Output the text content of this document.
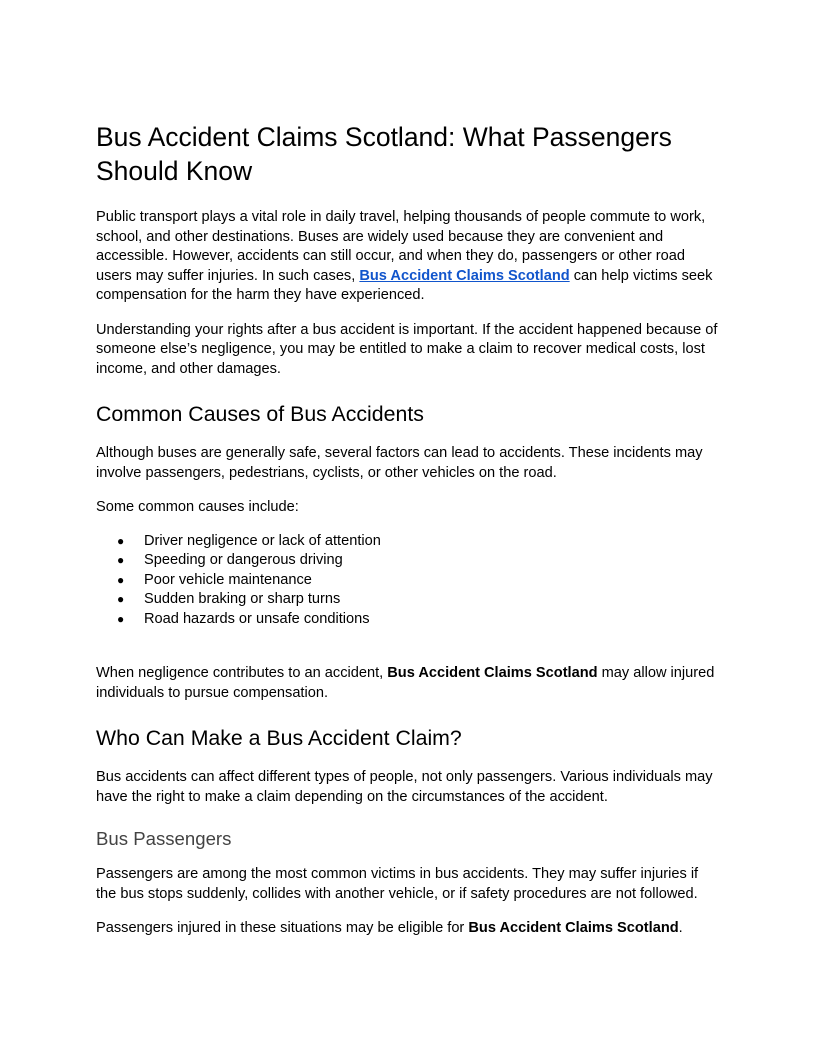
Bus Accident Claims Scotland: What Passengers Should Know

Public transport plays a vital role in daily travel, helping thousands of people commute to work, school, and other destinations. Buses are widely used because they are convenient and accessible. However, accidents can still occur, and when they do, passengers or other road users may suffer injuries. In such cases, Bus Accident Claims Scotland can help victims seek compensation for the harm they have experienced.

Understanding your rights after a bus accident is important. If the accident happened because of someone else’s negligence, you may be entitled to make a claim to recover medical costs, lost income, and other damages.

Common Causes of Bus Accidents

Although buses are generally safe, several factors can lead to accidents. These incidents may involve passengers, pedestrians, cyclists, or other vehicles on the road.

Some common causes include:

● Driver negligence or lack of attention
● Speeding or dangerous driving
● Poor vehicle maintenance
● Sudden braking or sharp turns
● Road hazards or unsafe conditions

When negligence contributes to an accident, Bus Accident Claims Scotland may allow injured individuals to pursue compensation.

Who Can Make a Bus Accident Claim?

Bus accidents can affect different types of people, not only passengers. Various individuals may have the right to make a claim depending on the circumstances of the accident.

Bus Passengers

Passengers are among the most common victims in bus accidents. They may suffer injuries if the bus stops suddenly, collides with another vehicle, or if safety procedures are not followed.

Passengers injured in these situations may be eligible for Bus Accident Claims Scotland.
